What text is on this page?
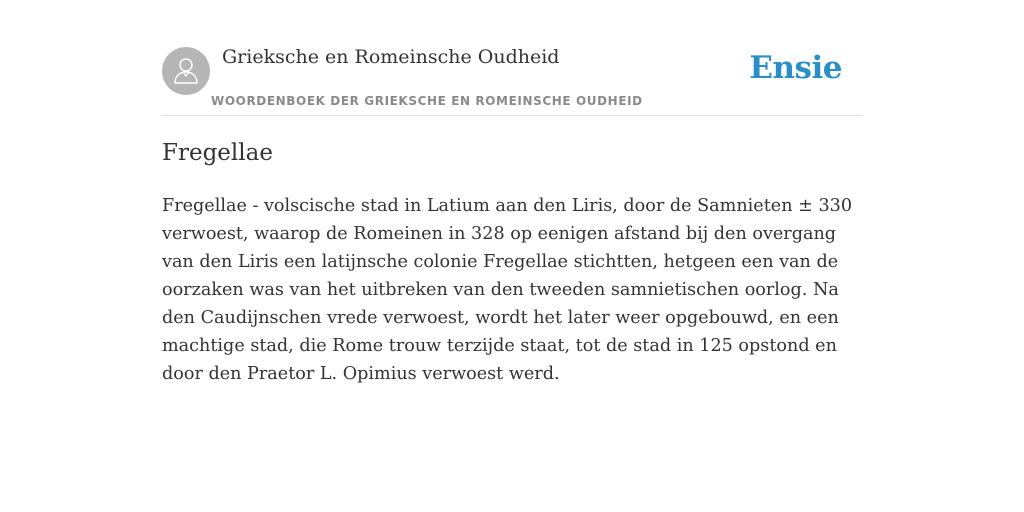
Grieksche en Romeinsche Oudheid
WOORDENBOEK DER GRIEKSCHE EN ROMEINSCHE OUDHEID
Ensie
Fregellae

Fregellae - volscische stad in Latium aan den Liris, door de Samnieten ± 330 verwoest, waarop de Romeinen in 328 op eenigen afstand bij den overgang van den Liris een latijnsche colonie Fregellae stichtten, hetgeen een van de oorzaken was van het uitbreken van den tweeden samnietischen oorlog. Na den Caudijnschen vrede verwoest, wordt het later weer opgebouwd, en een machtige stad, die Rome trouw terzijde staat, tot de stad in 125 opstond en door den Praetor L. Opimius verwoest werd.
